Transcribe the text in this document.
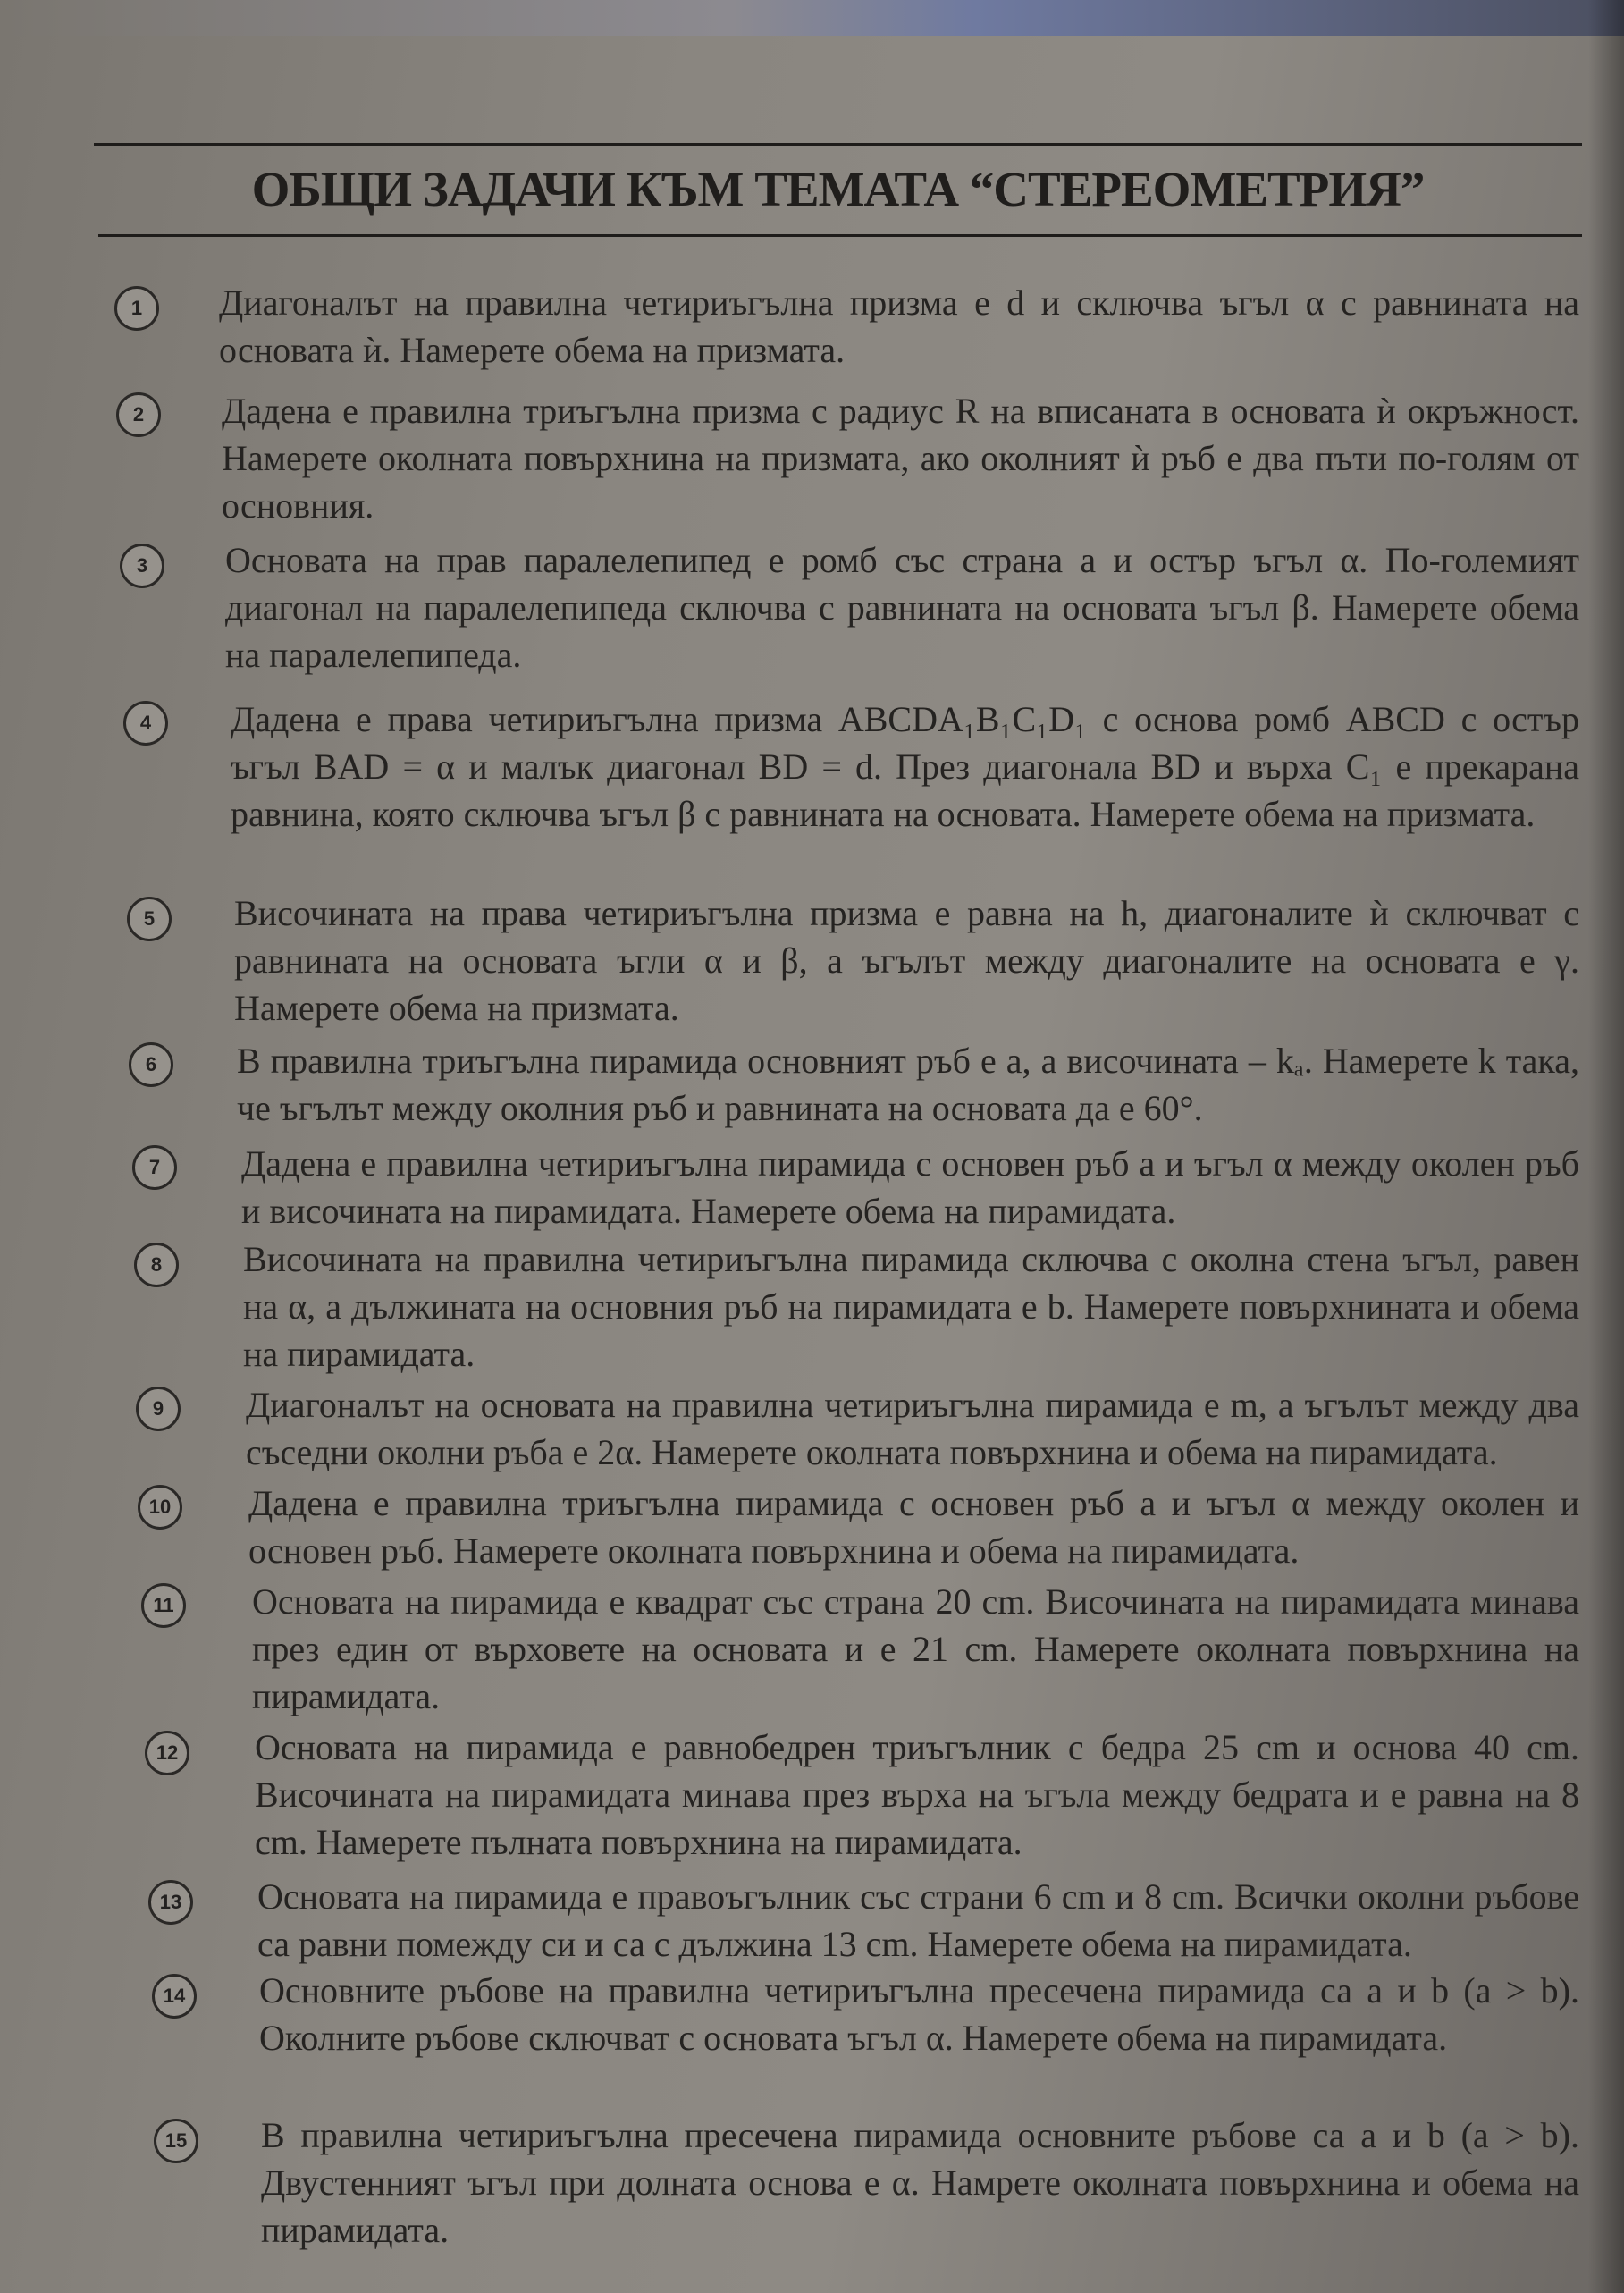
ОБЩИ ЗАДАЧИ КЪМ ТЕМАТА “СТЕРЕОМЕТРИЯ”
1	Диагоналът на правилна четириъгълна призма е d и сключва ъгъл α с равнината на основата ѝ. Намерете обема на призмата.
2	Дадена е правилна триъгълна призма с радиус R на вписаната в основата ѝ окръжност. Намерете околната повърхнина на призмата, ако околният ѝ ръб е два пъти по-голям от основния.
3	Основата на прав паралелепипед е ромб със страна a и остър ъгъл α. По-големият диагонал на паралелепипеда сключва с равнината на основата ъгъл β. Намерете обема на паралелепипеда.
4	Дадена е права четириъгълна призма ABCDA₁B₁C₁D₁ с основа ромб ABCD с остър ъгъл BAD = α и малък диагонал BD = d. През диагонала BD и върха C₁ е прекарана равнина, която сключва ъгъл β с равнината на основата. Намерете обема на призмата.
5	Височината на права четириъгълна призма е равна на h, диагоналите ѝ сключват с равнината на основата ъгли α и β, а ъгълът между диагоналите на основата е γ. Намерете обема на призмата.
6	В правилна триъгълна пирамида основният ръб е a, а височината – kₐ. Намерете k така, че ъгълът между околния ръб и равнината на основата да е 60°.
7	Дадена е правилна четириъгълна пирамида с основен ръб a и ъгъл α между околен ръб и височината на пирамидата. Намерете обема на пирамидата.
8	Височината на правилна четириъгълна пирамида сключва с околна стена ъгъл, равен на α, а дължината на основния ръб на пирамидата е b. Намерете повърхнината и обема на пирамидата.
9	Диагоналът на основата на правилна четириъгълна пирамида е m, а ъгълът между два съседни околни ръба е 2α. Намерете околната повърхнина и обема на пирамидата.
10	Дадена е правилна триъгълна пирамида с основен ръб a и ъгъл α между околен и основен ръб. Намерете околната повърхнина и обема на пирамидата.
11	Основата на пирамида е квадрат със страна 20 cm. Височината на пирамидата минава през един от върховете на основата и е 21 cm. Намерете околната повърхнина на пирамидата.
12	Основата на пирамида е равнобедрен триъгълник с бедра 25 cm и основа 40 cm. Височината на пирамидата минава през върха на ъгъла между бедрата и е равна на 8 cm. Намерете пълната повърхнина на пирамидата.
13	Основата на пирамида е правоъгълник със страни 6 cm и 8 cm. Всички околни ръбове са равни помежду си и са с дължина 13 cm. Намерете обема на пирамидата.
14	Основните ръбове на правилна четириъгълна пресечена пирамида са a и b (a > b). Околните ръбове сключват с основата ъгъл α. Намерете обема на пирамидата.
15	В правилна четириъгълна пресечена пирамида основните ръбове са a и b (a > b). Двустенният ъгъл при долната основа е α. Намрете околната повърхнина и обема на пирамидата.
